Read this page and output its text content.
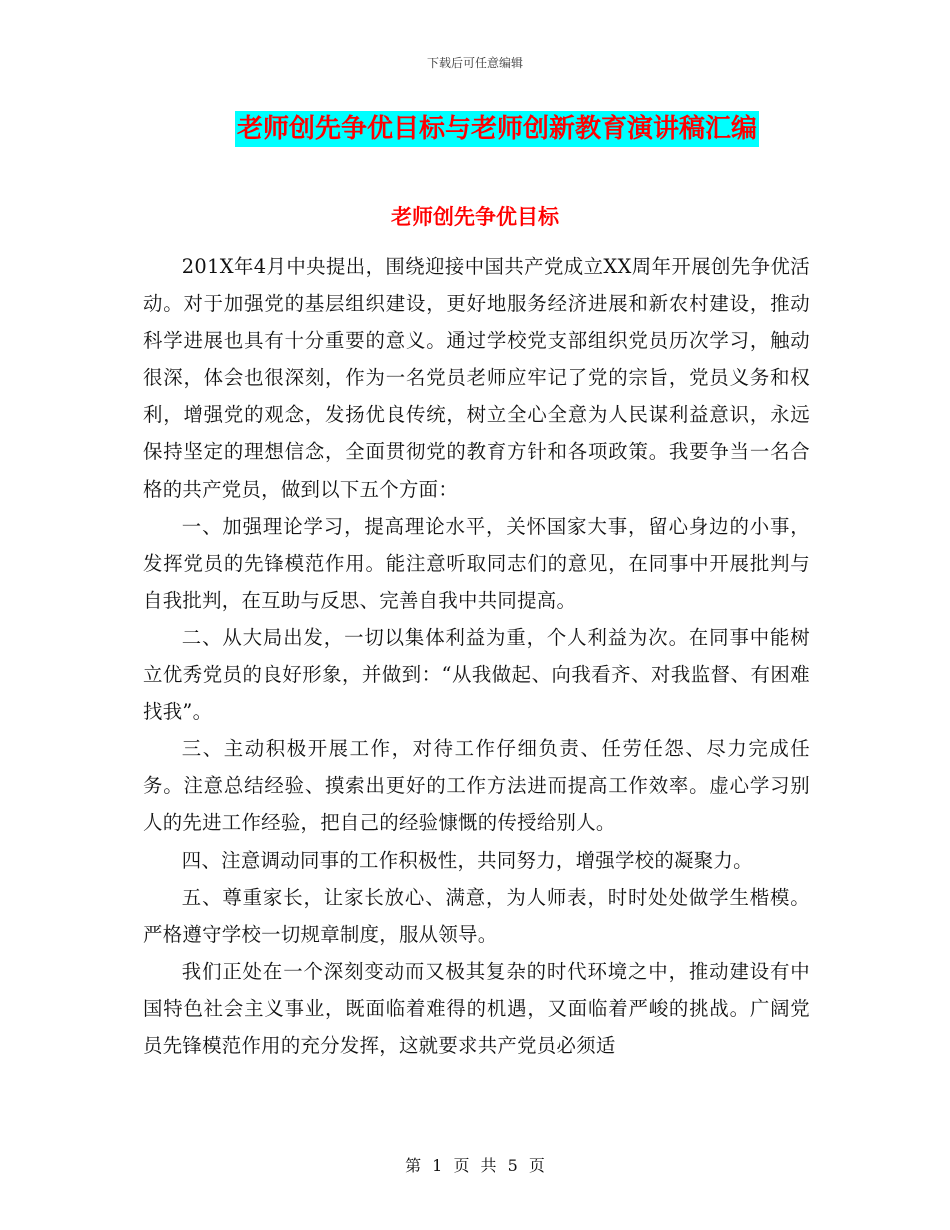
下载后可任意编辑
老师创先争优目标与老师创新教育演讲稿汇编
老师创先争优目标

201X年4月中央提出，围绕迎接中国共产党成立XX周年开展创先争优活动。对于加强党的基层组织建设，更好地服务经济进展和新农村建设，推动科学进展也具有十分重要的意义。通过学校党支部组织党员历次学习，触动很深，体会也很深刻，作为一名党员老师应牢记了党的宗旨，党员义务和权利，增强党的观念，发扬优良传统，树立全心全意为人民谋利益意识，永远保持坚定的理想信念，全面贯彻党的教育方针和各项政策。我要争当一名合格的共产党员，做到以下五个方面：

一、加强理论学习，提高理论水平，关怀国家大事，留心身边的小事，发挥党员的先锋模范作用。能注意听取同志们的意见，在同事中开展批判与自我批判，在互助与反思、完善自我中共同提高。

二、从大局出发，一切以集体利益为重，个人利益为次。在同事中能树立优秀党员的良好形象，并做到：“从我做起、向我看齐、对我监督、有困难找我”。

三、主动积极开展工作，对待工作仔细负责、任劳任怨、尽力完成任务。注意总结经验、摸索出更好的工作方法进而提高工作效率。虚心学习别人的先进工作经验，把自己的经验慷慨的传授给别人。

四、注意调动同事的工作积极性，共同努力，增强学校的凝聚力。

五、尊重家长，让家长放心、满意，为人师表，时时处处做学生楷模。严格遵守学校一切规章制度，服从领导。

我们正处在一个深刻变动而又极其复杂的时代环境之中，推动建设有中国特色社会主义事业，既面临着难得的机遇，又面临着严峻的挑战。广阔党员先锋模范作用的充分发挥，这就要求共产党员必须适

第 1 页 共 5 页
